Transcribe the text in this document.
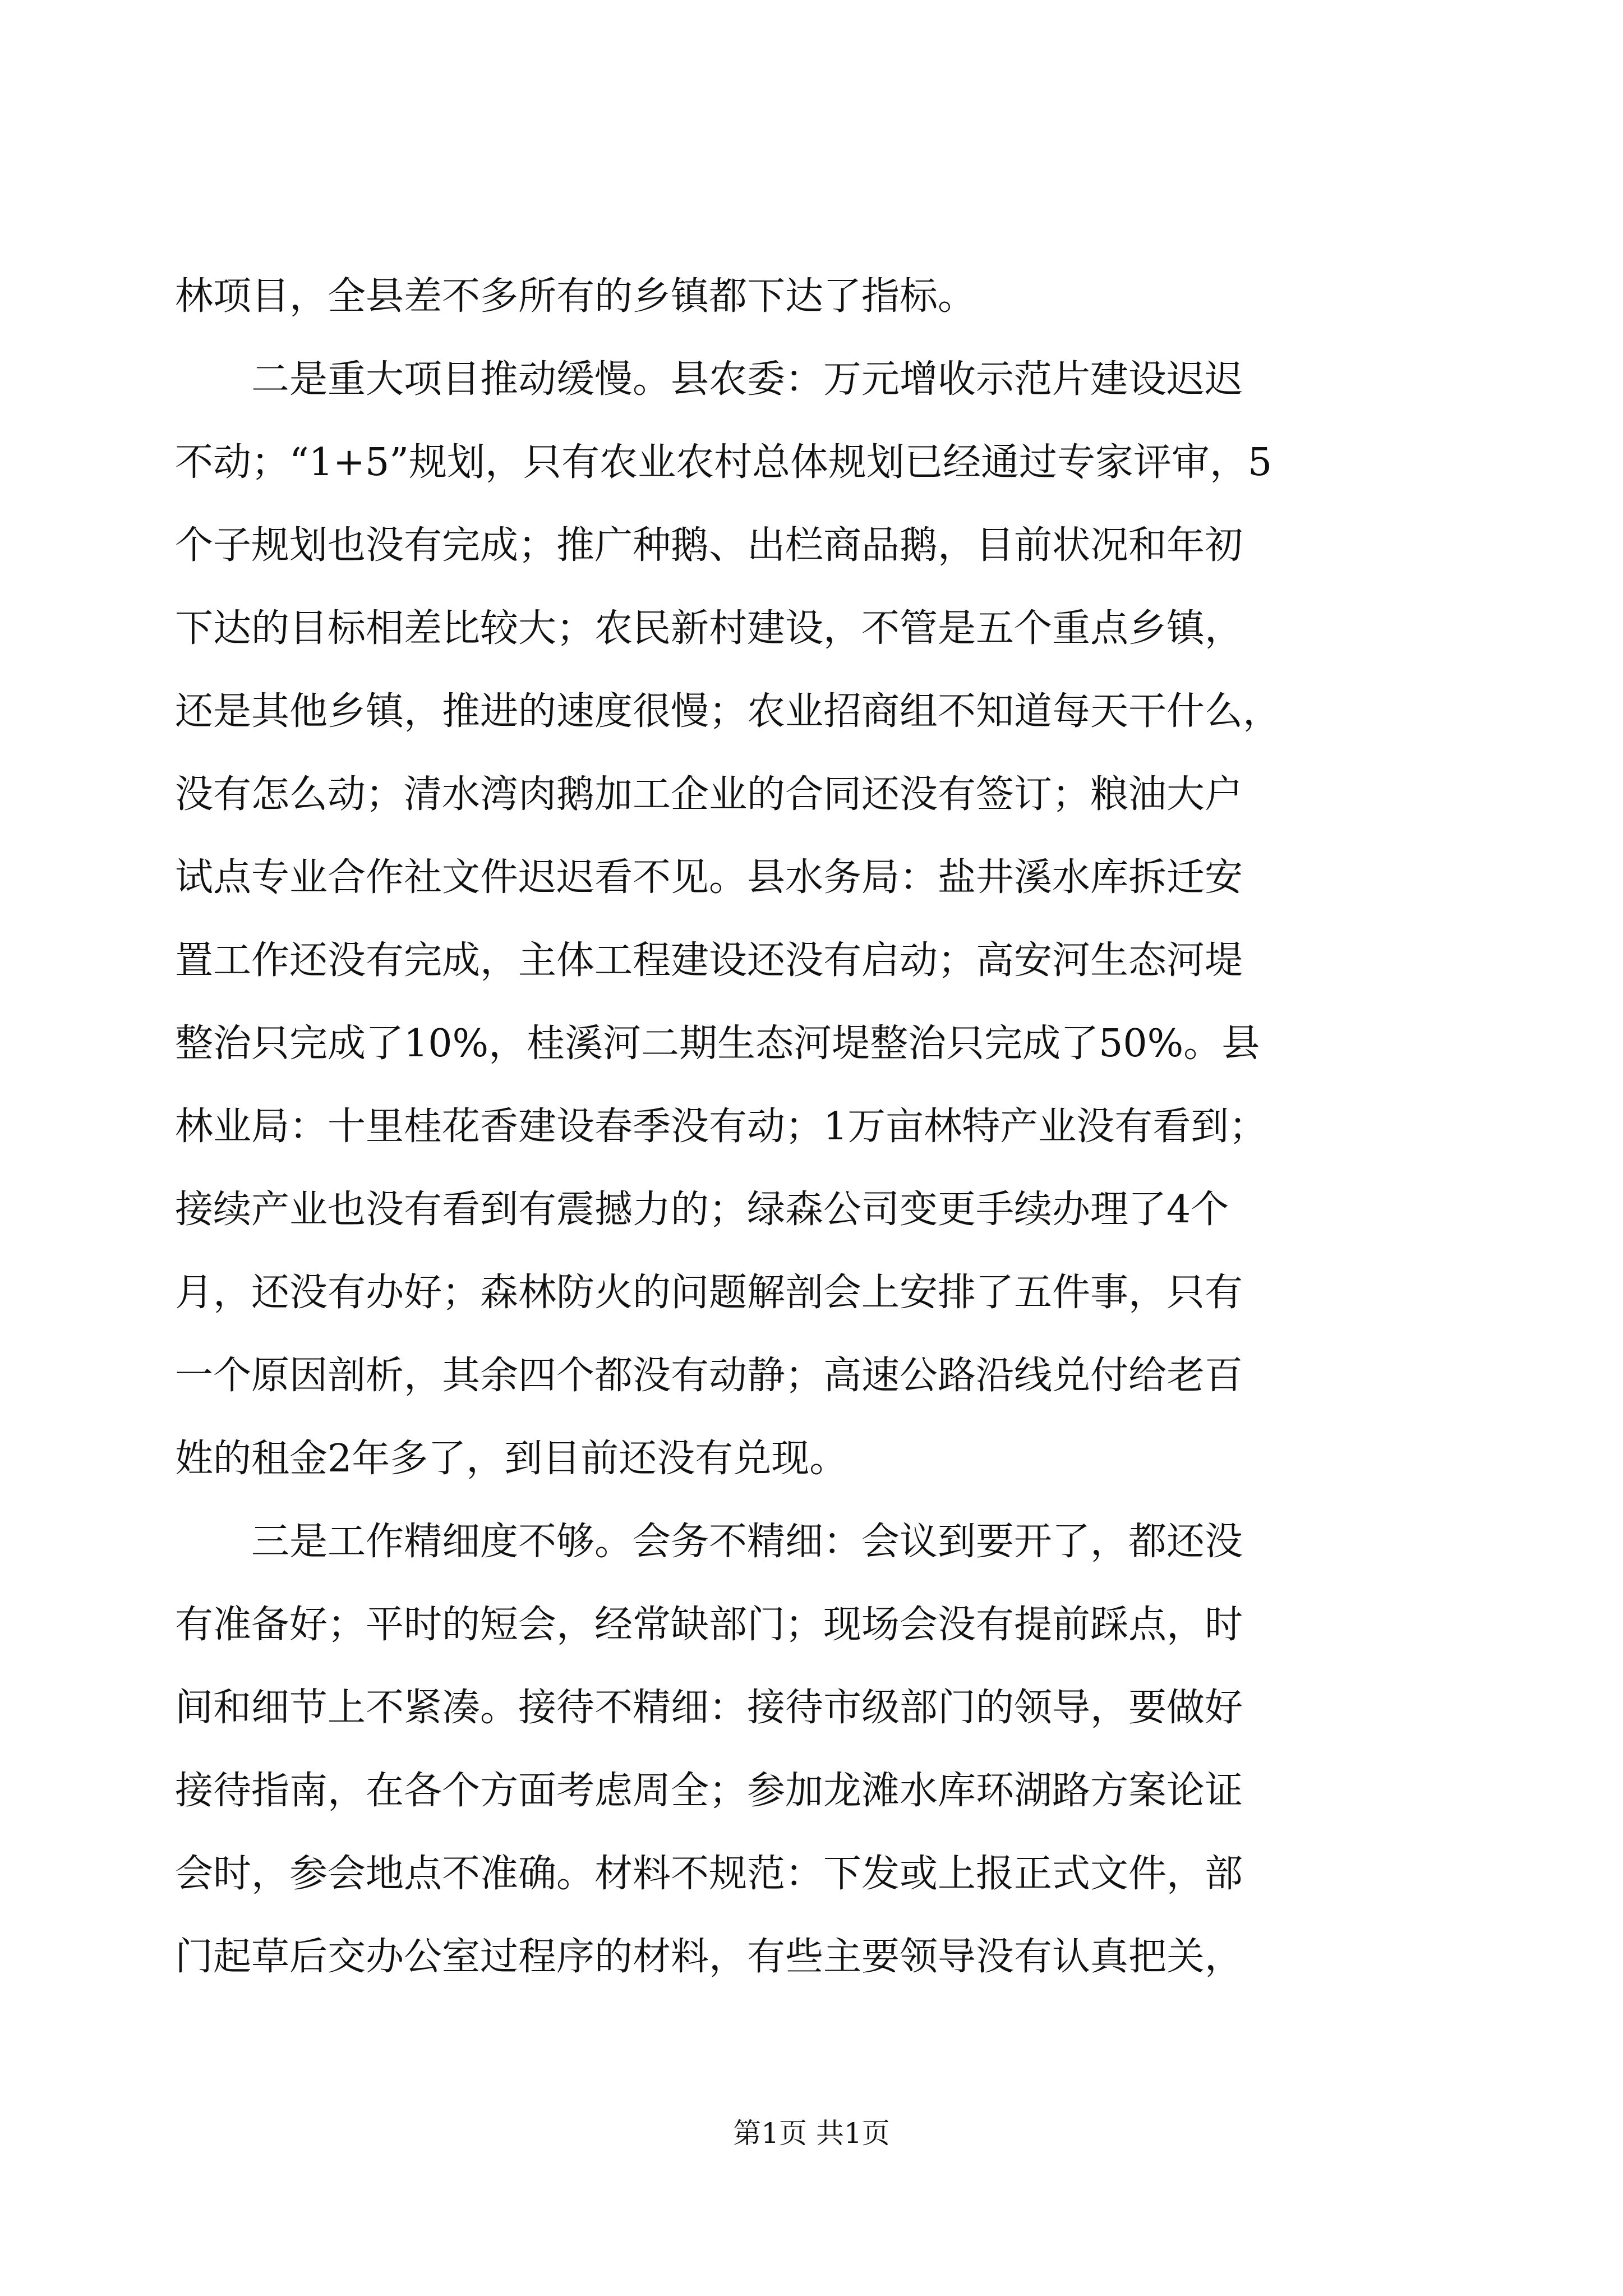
林项目，全县差不多所有的乡镇都下达了指标。
二是重大项目推动缓慢。县农委：万元增收示范片建设迟迟
不动；“1+5”规划，只有农业农村总体规划已经通过专家评审，5
个子规划也没有完成；推广种鹅、出栏商品鹅，目前状况和年初
下达的目标相差比较大；农民新村建设，不管是五个重点乡镇，
还是其他乡镇，推进的速度很慢；农业招商组不知道每天干什么，
没有怎么动；清水湾肉鹅加工企业的合同还没有签订；粮油大户
试点专业合作社文件迟迟看不见。县水务局：盐井溪水库拆迁安
置工作还没有完成，主体工程建设还没有启动；高安河生态河堤
整治只完成了10%，桂溪河二期生态河堤整治只完成了50%。县
林业局：十里桂花香建设春季没有动；1万亩林特产业没有看到；
接续产业也没有看到有震撼力的；绿森公司变更手续办理了4个
月，还没有办好；森林防火的问题解剖会上安排了五件事，只有
一个原因剖析，其余四个都没有动静；高速公路沿线兑付给老百
姓的租金2年多了，到目前还没有兑现。
三是工作精细度不够。会务不精细：会议到要开了，都还没
有准备好；平时的短会，经常缺部门；现场会没有提前踩点，时
间和细节上不紧凑。接待不精细：接待市级部门的领导，要做好
接待指南，在各个方面考虑周全；参加龙滩水库环湖路方案论证
会时，参会地点不准确。材料不规范：下发或上报正式文件，部
门起草后交办公室过程序的材料，有些主要领导没有认真把关，
第1页 共1页
